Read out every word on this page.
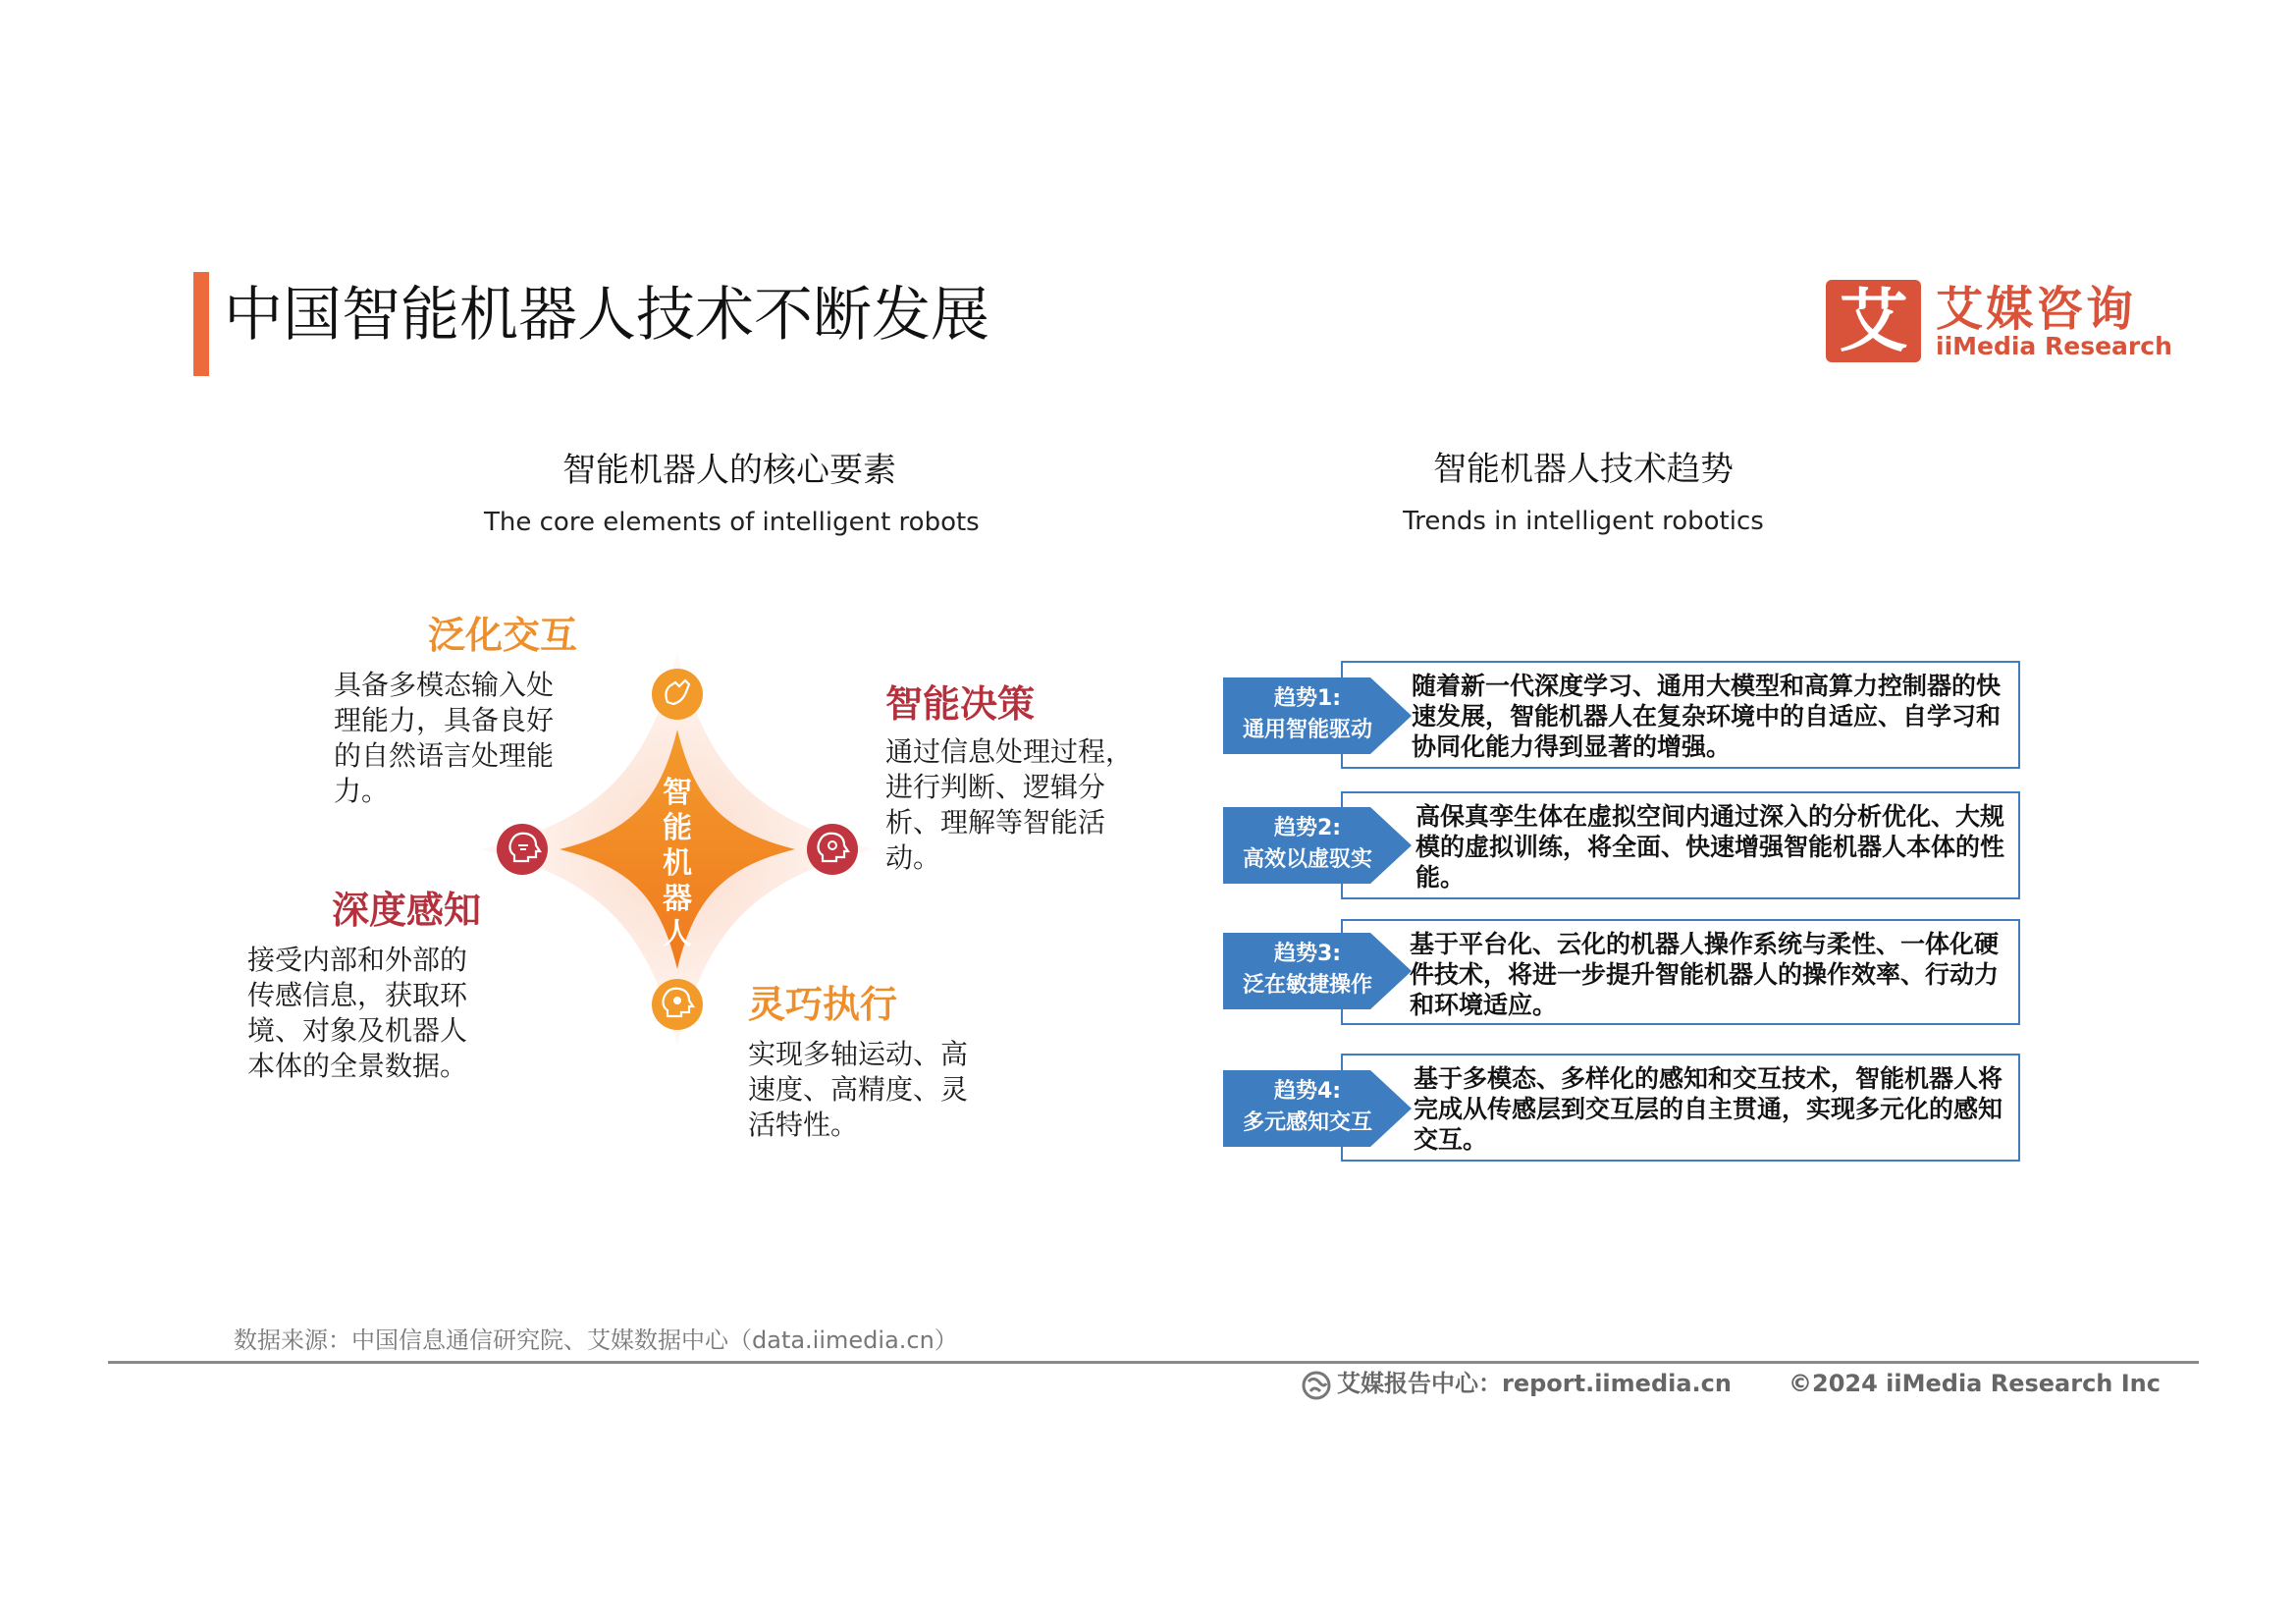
中国智能机器人技术不断发展	艾 艾媒咨询
iiMedia Research
智能机器人的核心要素
The core elements of intelligent robots
智能机器人技术趋势
Trends in intelligent robotics
智
能
机
器
人
泛化交互
具备多模态输入处
理能力，具备良好
的自然语言处理能
力。
智能决策
通过信息处理过程，
进行判断、逻辑分
析、理解等智能活
动。
深度感知
接受内部和外部的
传感信息，获取环
境、对象及机器人
本体的全景数据。
灵巧执行
实现多轴运动、高
速度、高精度、灵
活特性。
随着新一代深度学习、通用大模型和高算力控制器的快速发展，智能机器人在复杂环境中的自适应、自学习和协同化能力得到显著的增强。
趋势1:
通用智能驱动
高保真孪生体在虚拟空间内通过深入的分析优化、大规模的虚拟训练，将全面、快速增强智能机器人本体的性能。
趋势2:
高效以虚驭实
基于平台化、云化的机器人操作系统与柔性、一体化硬件技术，将进一步提升智能机器人的操作效率、行动力和环境适应。
趋势3:
泛在敏捷操作
基于多模态、多样化的感知和交互技术，智能机器人将完成从传感层到交互层的自主贯通，实现多元化的感知交互。
趋势4:
多元感知交互
数据来源：中国信息通信研究院、艾媒数据中心（data.iimedia.cn）
艾媒报告中心：report.iimedia.cn ©2024 iiMedia Research Inc
